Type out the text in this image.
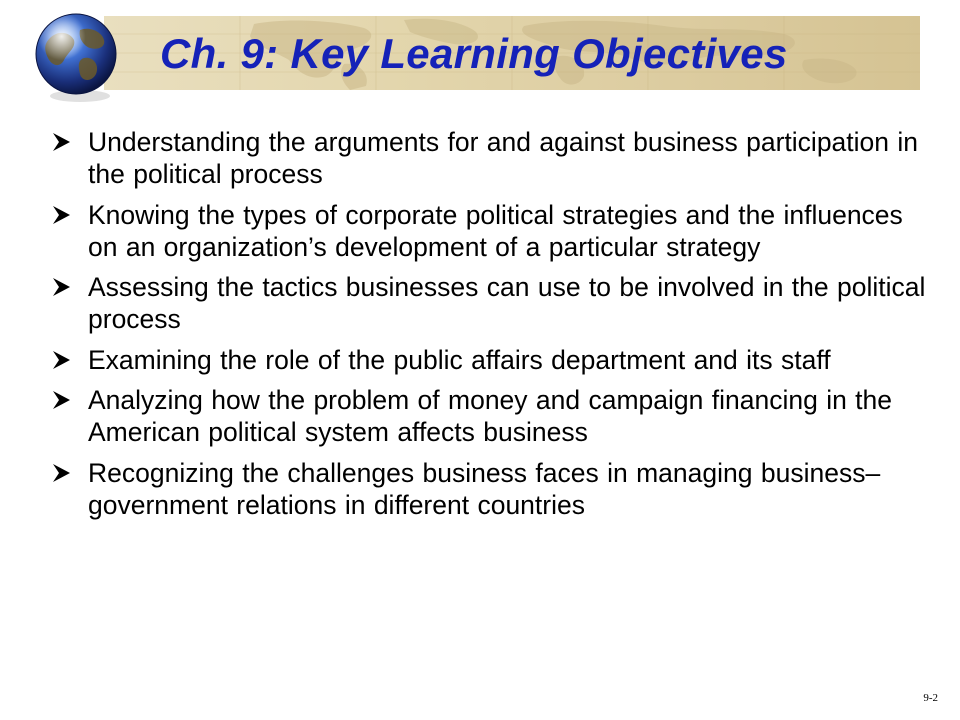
Ch. 9: Key Learning Objectives
Understanding the arguments for and against business participation in the political process
Knowing the types of corporate political strategies and the influences on an organization’s development of a particular strategy
Assessing the tactics businesses can use to be involved in the political process
Examining the role of the public affairs department and its staff
Analyzing how the problem of money and campaign financing in the American political system affects business
Recognizing the challenges business faces in managing business–government relations in different countries
9-2
